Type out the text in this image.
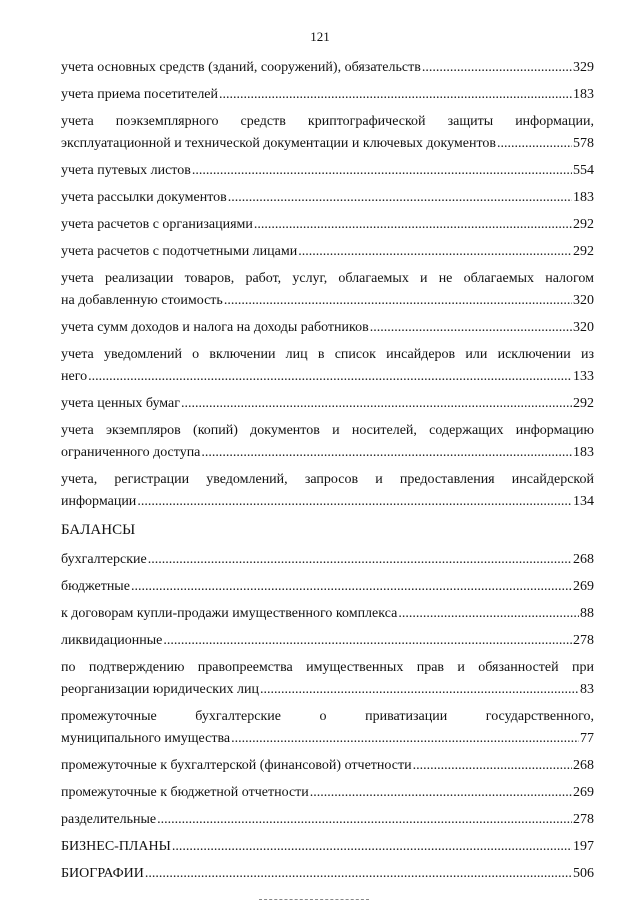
121
учета основных средств (зданий, сооружений), обязательств .....	329
учета приема посетителей .....	183
учета поэкземплярного средств криптографической защиты информации,
эксплуатационной и технической документации и ключевых документов .....	578
учета путевых листов .....	554
учета рассылки документов .....	183
учета расчетов с организациями .....	292
учета расчетов с подотчетными лицами .....	292
учета реализации товаров, работ, услуг, облагаемых и не облагаемых налогом
на добавленную стоимость .....	320
учета сумм доходов и налога на доходы работников .....	320
учета уведомлений о включении лиц в список инсайдеров или исключении из
него .....	133
учета ценных бумаг .....	292
учета экземпляров (копий) документов и носителей, содержащих информацию
ограниченного доступа .....	183
учета, регистрации уведомлений, запросов и предоставления инсайдерской
информации .....	134
БАЛАНСЫ
бухгалтерские .....	268
бюджетные .....	269
к договорам купли-продажи имущественного комплекса .....	88
ликвидационные .....	278
по подтверждению правопреемства имущественных прав и обязанностей при
реорганизации юридических лиц .....	83
промежуточные бухгалтерские о приватизации государственного,
муниципального имущества .....	77
промежуточные к бухгалтерской (финансовой) отчетности .....	268
промежуточные к бюджетной отчетности .....	269
разделительные .....	278
БИЗНЕС-ПЛАНЫ .....	197
БИОГРАФИИ .....	506
